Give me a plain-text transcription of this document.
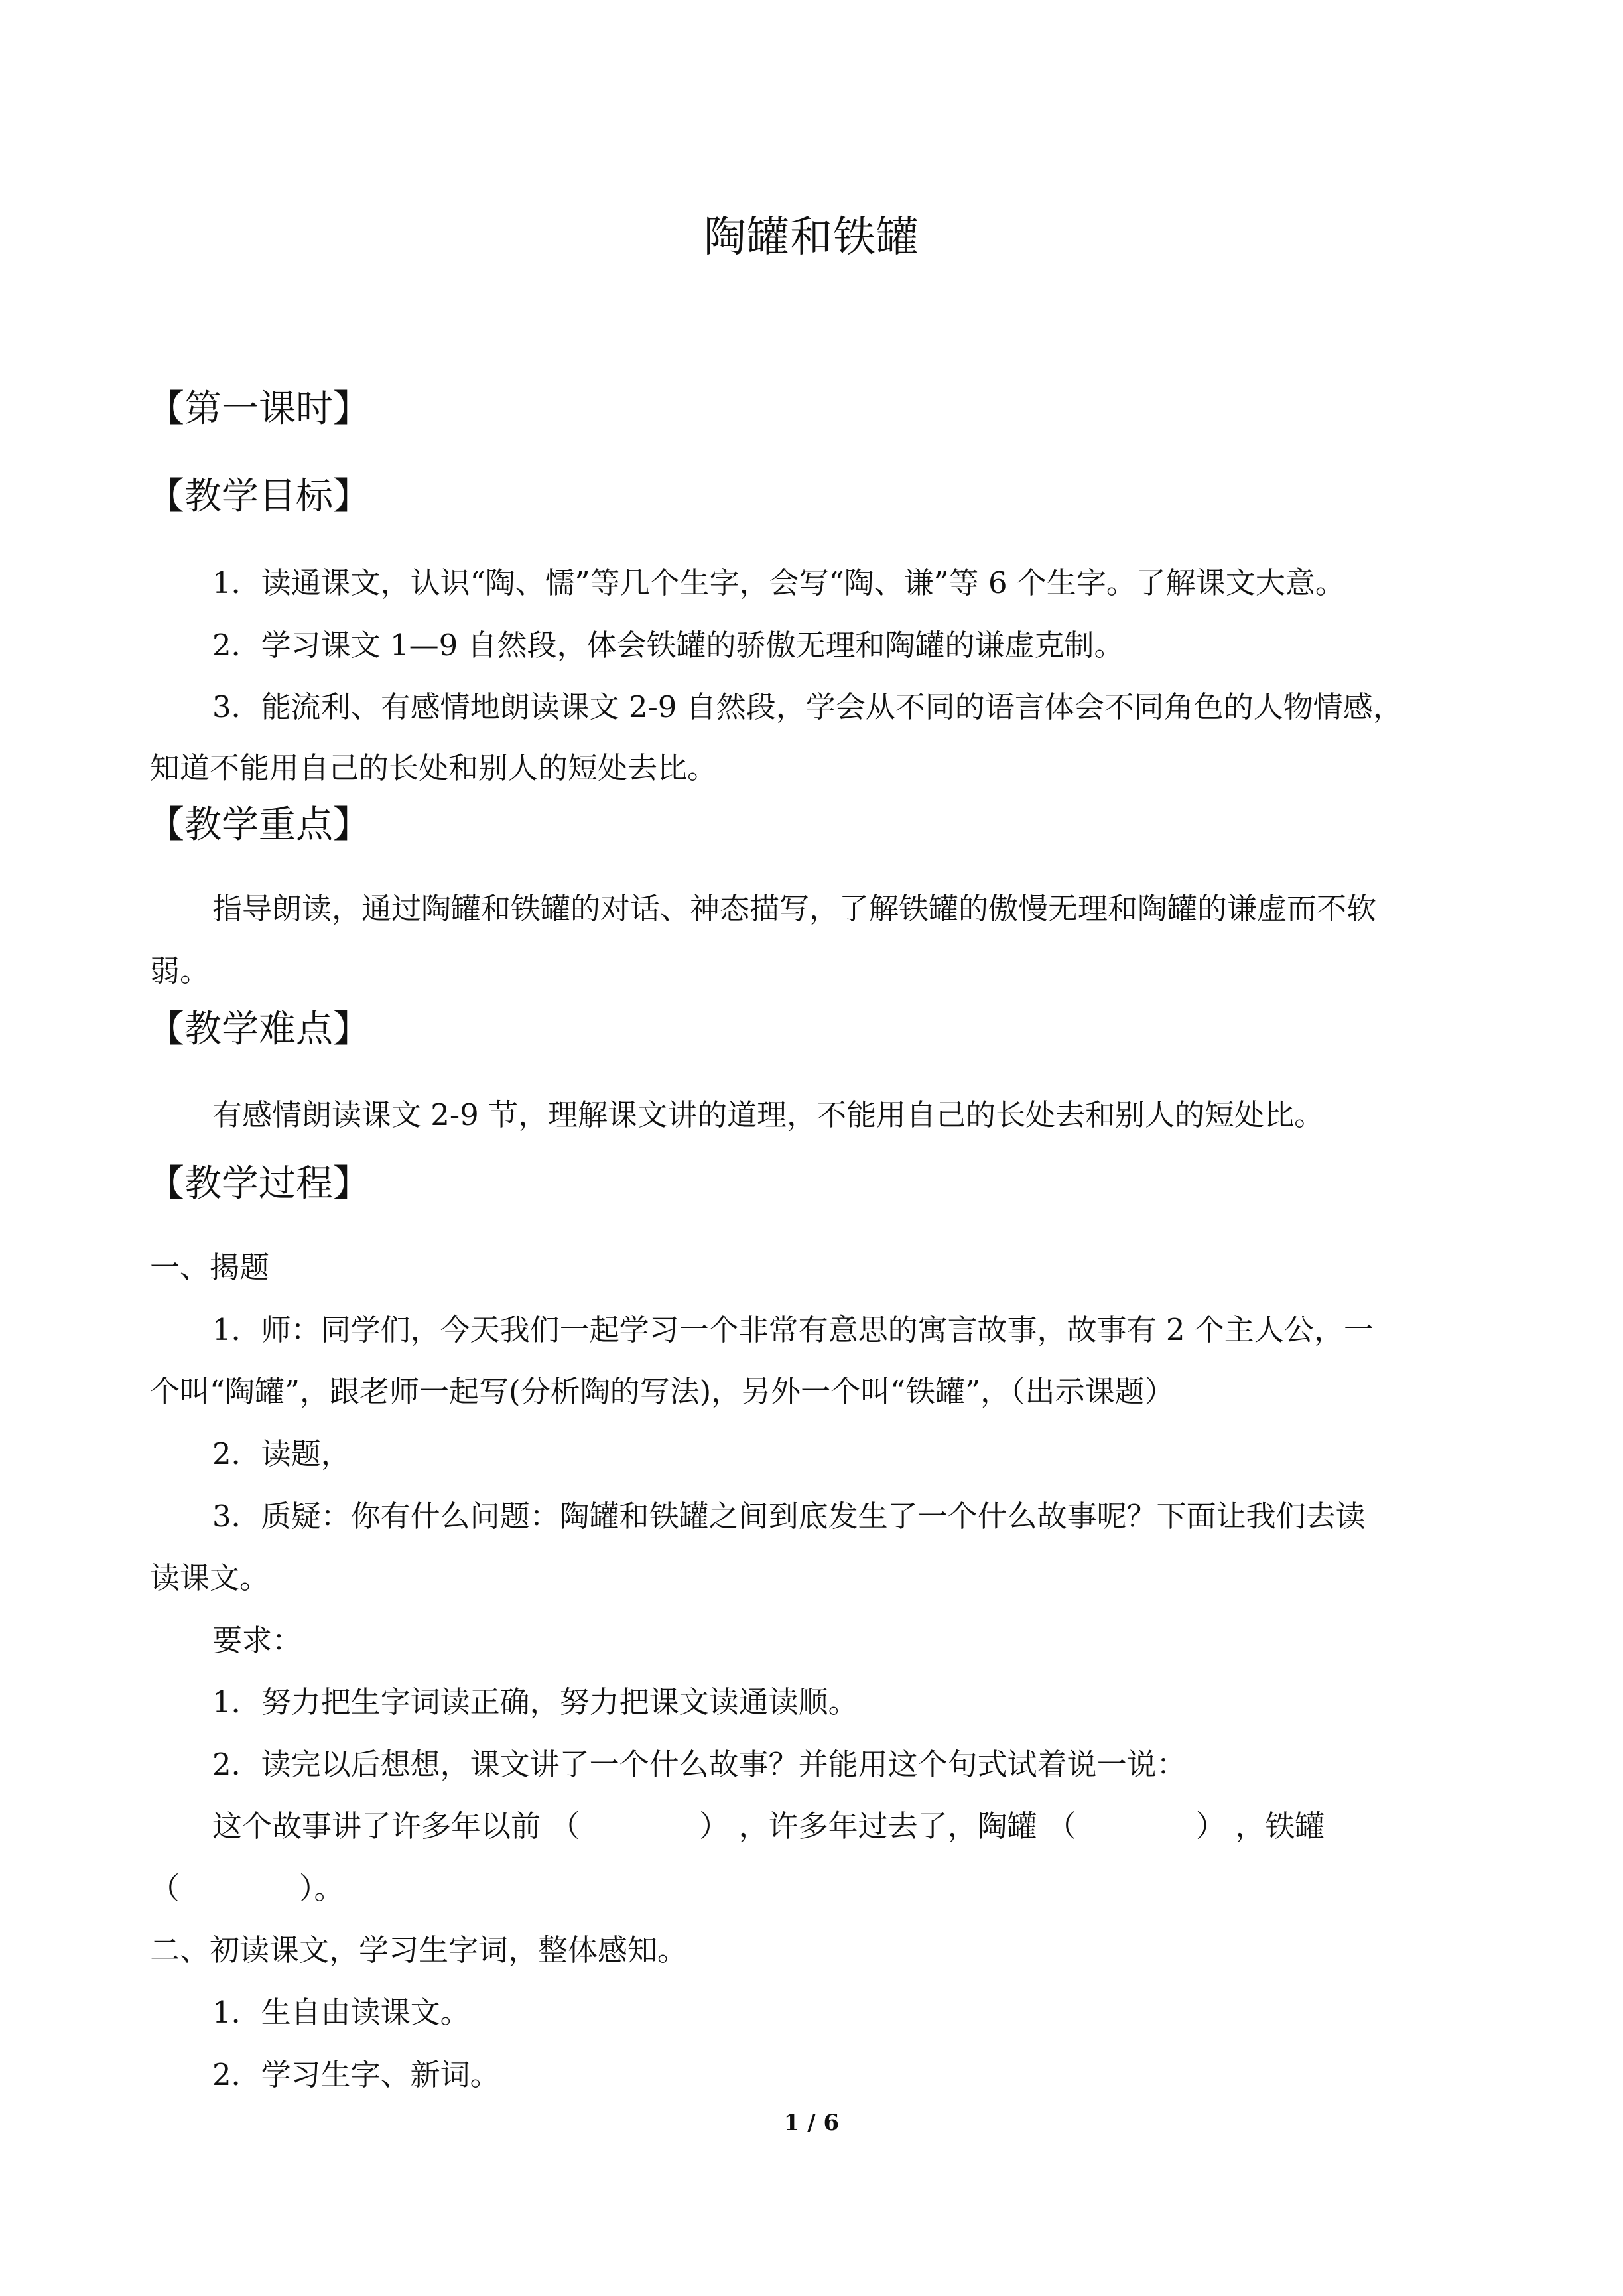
陶罐和铁罐
【第一课时】
【教学目标】
1．读通课文，认识“陶、懦”等几个生字，会写“陶、谦”等 6 个生字。了解课文大意。
2．学习课文 1—9 自然段，体会铁罐的骄傲无理和陶罐的谦虚克制。
3．能流利、有感情地朗读课文 2-9 自然段，学会从不同的语言体会不同角色的人物情感，
知道不能用自己的长处和别人的短处去比。
【教学重点】
指导朗读，通过陶罐和铁罐的对话、神态描写，了解铁罐的傲慢无理和陶罐的谦虚而不软
弱。
【教学难点】
有感情朗读课文 2-9 节，理解课文讲的道理，不能用自己的长处去和别人的短处比。
【教学过程】
一、揭题
1．师：同学们，今天我们一起学习一个非常有意思的寓言故事，故事有 2 个主人公，一
个叫“陶罐”，跟老师一起写(分析陶的写法)，另外一个叫“铁罐”，（出示课题）
2．读题，
3．质疑：你有什么问题：陶罐和铁罐之间到底发生了一个什么故事呢？下面让我们去读
读课文。
要求：
1．努力把生字词读正确，努力把课文读通读顺。
2．读完以后想想，课文讲了一个什么故事？并能用这个句式试着说一说：
这个故事讲了许多年以前 （　　　　） ，许多年过去了，陶罐 （　　　　） ，铁罐
（　　　　）。
二、初读课文，学习生字词，整体感知。
1．生自由读课文。
2．学习生字、新词。
1 / 6
